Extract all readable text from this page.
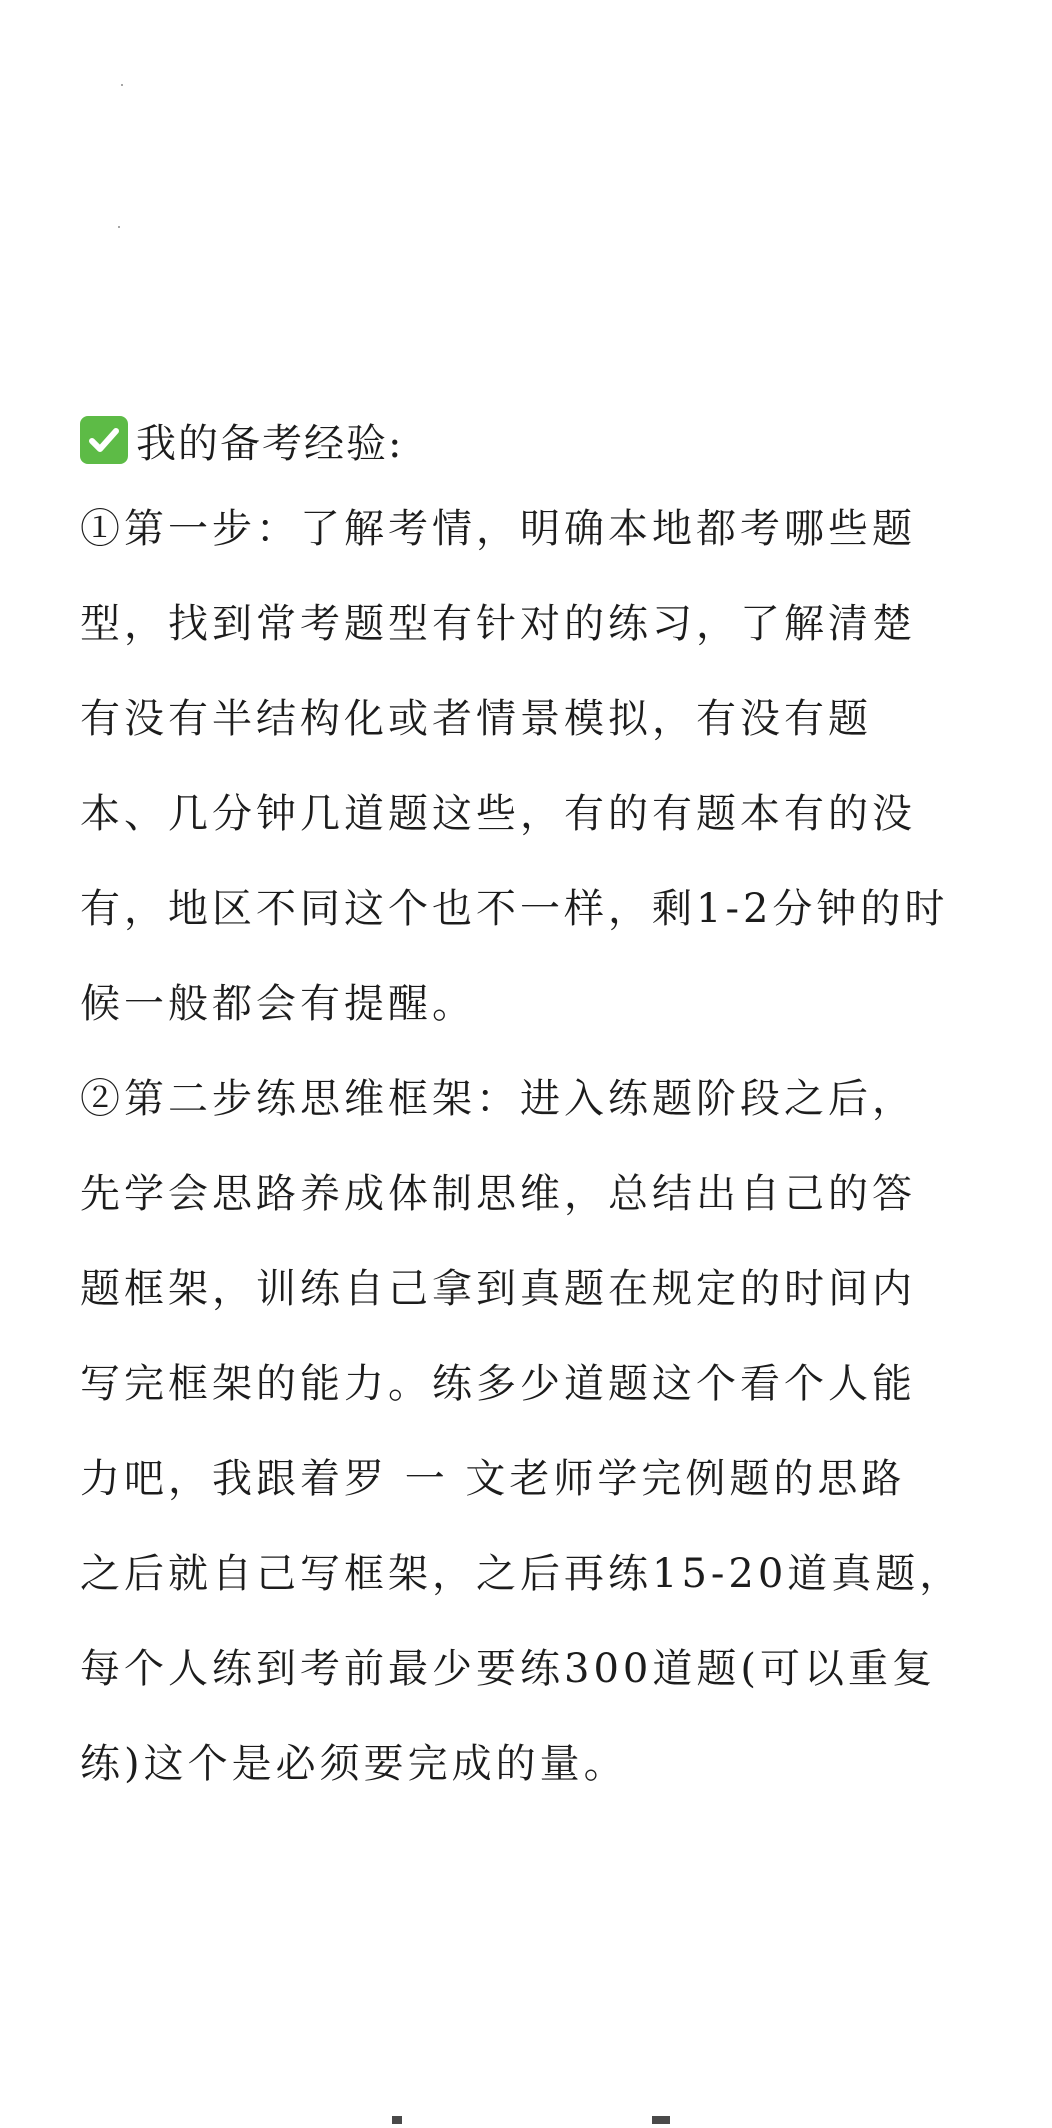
我的备考经验:
①第一步：了解考情，明确本地都考哪些题
型，找到常考题型有针对的练习，了解清楚
有没有半结构化或者情景模拟，有没有题
本、几分钟几道题这些，有的有题本有的没
有，地区不同这个也不一样，剩1-2分钟的时
候一般都会有提醒。
②第二步练思维框架：进入练题阶段之后，
先学会思路养成体制思维，总结出自己的答
题框架，训练自己拿到真题在规定的时间内
写完框架的能力。练多少道题这个看个人能
力吧，我跟着罗 一 文老师学完例题的思路
之后就自己写框架，之后再练15-20道真题，
每个人练到考前最少要练300道题(可以重复
练)这个是必须要完成的量。
